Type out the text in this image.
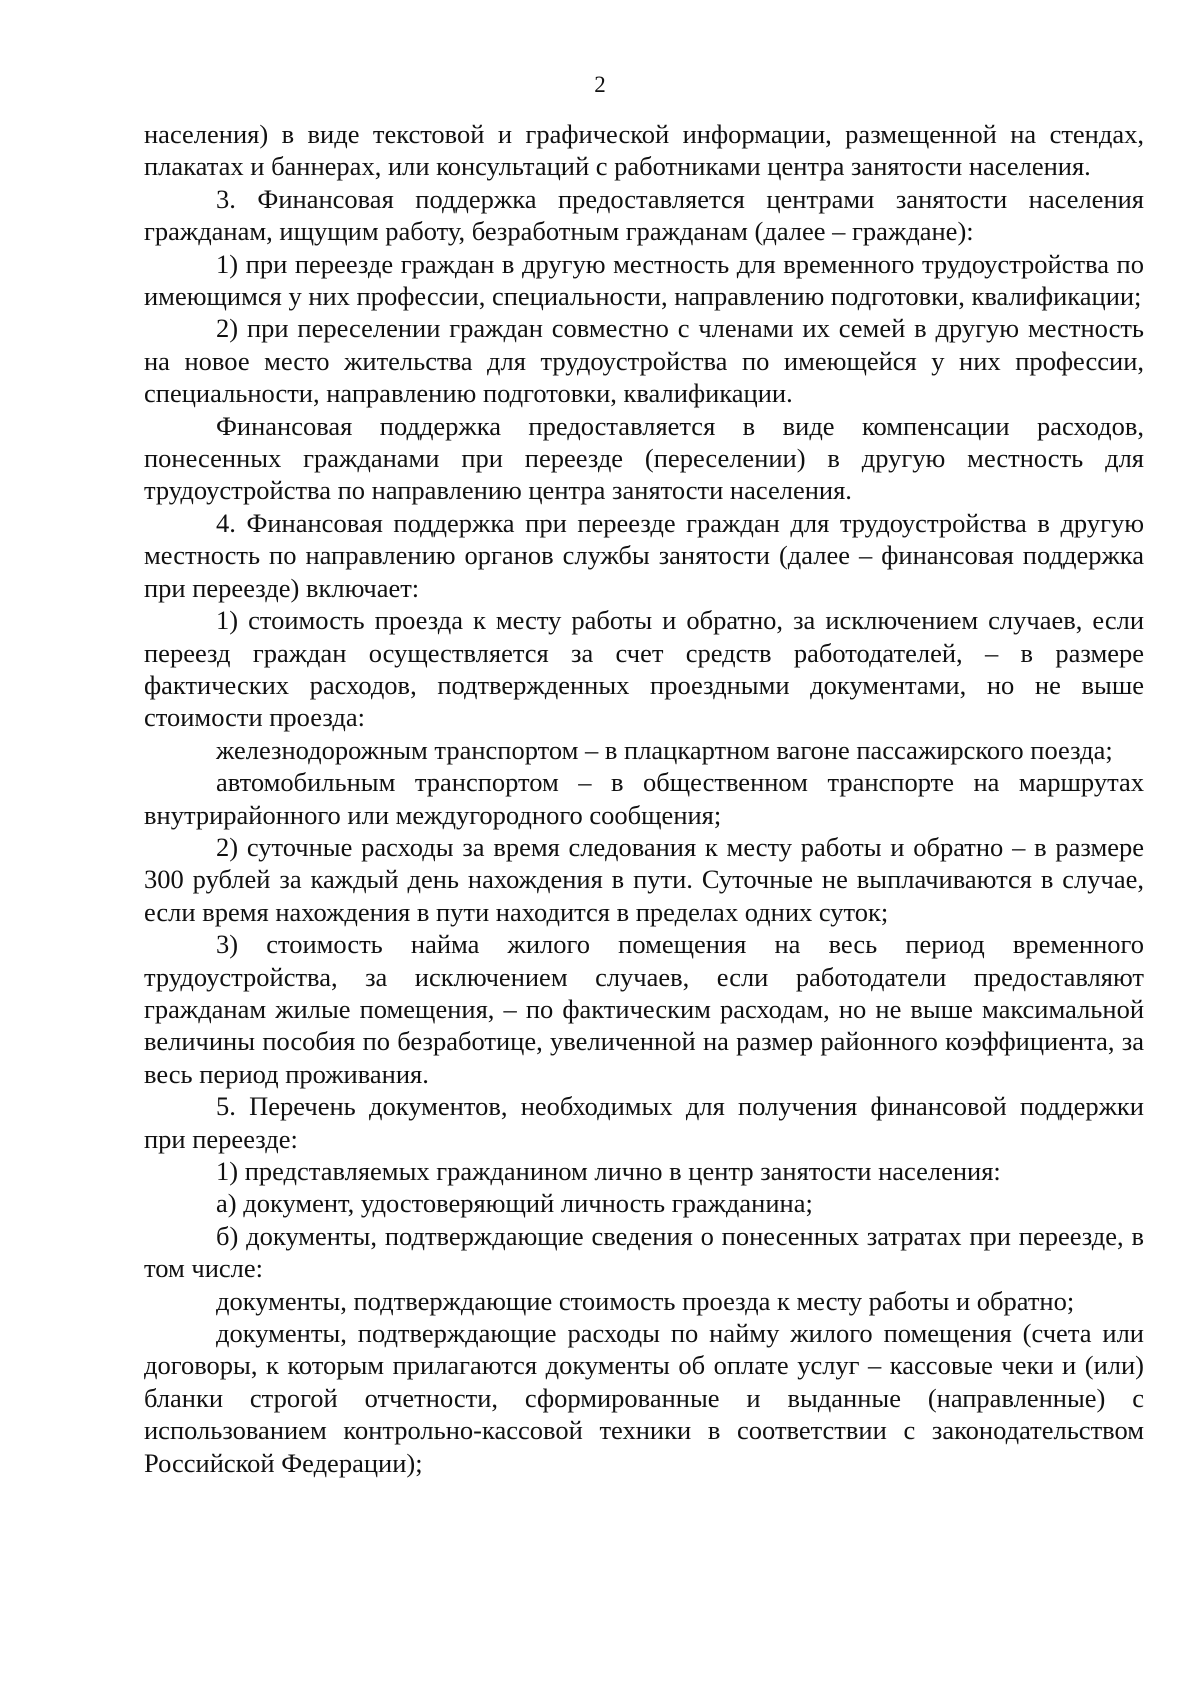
2

населения) в виде текстовой и графической информации, размещенной на стендах, плакатах и баннерах, или консультаций с работниками центра занятости населения.

3. Финансовая поддержка предоставляется центрами занятости населения гражданам, ищущим работу, безработным гражданам (далее – граждане):

1) при переезде граждан в другую местность для временного трудоустройства по имеющимся у них профессии, специальности, направлению подготовки, квалификации;

2) при переселении граждан совместно с членами их семей в другую местность на новое место жительства для трудоустройства по имеющейся у них профессии, специальности, направлению подготовки, квалификации.

Финансовая поддержка предоставляется в виде компенсации расходов, понесенных гражданами при переезде (переселении) в другую местность для трудоустройства по направлению центра занятости населения.

4. Финансовая поддержка при переезде граждан для трудоустройства в другую местность по направлению органов службы занятости (далее – финансовая поддержка при переезде) включает:

1) стоимость проезда к месту работы и обратно, за исключением случаев, если переезд граждан осуществляется за счет средств работодателей, – в размере фактических расходов, подтвержденных проездными документами, но не выше стоимости проезда:

железнодорожным транспортом – в плацкартном вагоне пассажирского поезда;

автомобильным транспортом – в общественном транспорте на маршрутах внутрирайонного или междугородного сообщения;

2) суточные расходы за время следования к месту работы и обратно – в размере 300 рублей за каждый день нахождения в пути. Суточные не выплачиваются в случае, если время нахождения в пути находится в пределах одних суток;

3) стоимость найма жилого помещения на весь период временного трудоустройства, за исключением случаев, если работодатели предоставляют гражданам жилые помещения, – по фактическим расходам, но не выше максимальной величины пособия по безработице, увеличенной на размер районного коэффициента, за весь период проживания.

5. Перечень документов, необходимых для получения финансовой поддержки при переезде:

1) представляемых гражданином лично в центр занятости населения:

а) документ, удостоверяющий личность гражданина;

б) документы, подтверждающие сведения о понесенных затратах при переезде, в том числе:

документы, подтверждающие стоимость проезда к месту работы и обратно;

документы, подтверждающие расходы по найму жилого помещения (счета или договоры, к которым прилагаются документы об оплате услуг – кассовые чеки и (или) бланки строгой отчетности, сформированные и выданные (направленные) с использованием контрольно-кассовой техники в соответствии с законодательством Российской Федерации);
